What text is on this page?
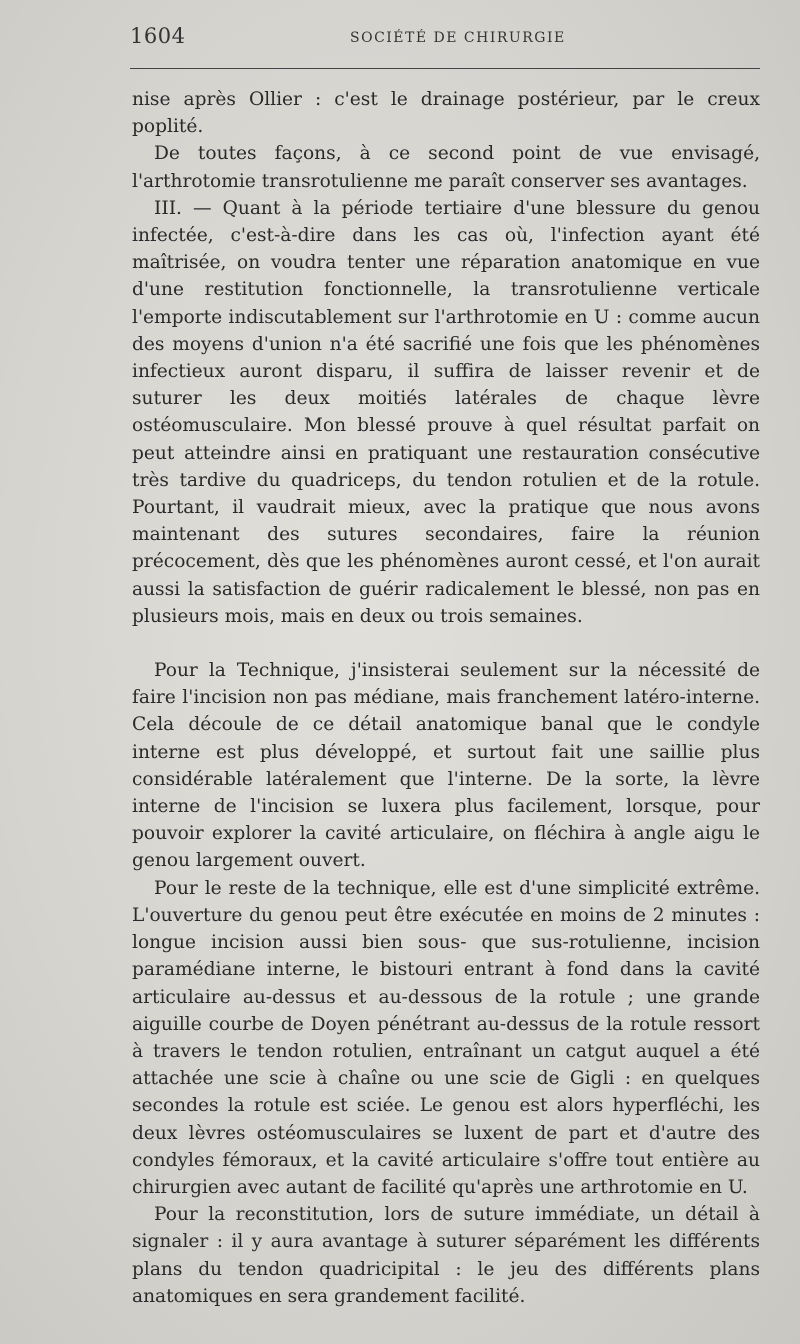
1604	SOCIÉTÉ DE CHIRURGIE

nise après Ollier : c'est le drainage postérieur, par le creux poplité.

De toutes façons, à ce second point de vue envisagé, l'arthrotomie transrotulienne me paraît conserver ses avantages.

III. — Quant à la période tertiaire d'une blessure du genou infectée, c'est-à-dire dans les cas où, l'infection ayant été maîtrisée, on voudra tenter une réparation anatomique en vue d'une restitution fonctionnelle, la transrotulienne verticale l'emporte indiscutablement sur l'arthrotomie en U : comme aucun des moyens d'union n'a été sacrifié une fois que les phénomènes infectieux auront disparu, il suffira de laisser revenir et de suturer les deux moitiés latérales de chaque lèvre ostéomusculaire. Mon blessé prouve à quel résultat parfait on peut atteindre ainsi en pratiquant une restauration consécutive très tardive du quadriceps, du tendon rotulien et de la rotule. Pourtant, il vaudrait mieux, avec la pratique que nous avons maintenant des sutures secondaires, faire la réunion précocement, dès que les phénomènes auront cessé, et l'on aurait aussi la satisfaction de guérir radicalement le blessé, non pas en plusieurs mois, mais en deux ou trois semaines.

Pour la Technique, j'insisterai seulement sur la nécessité de faire l'incision non pas médiane, mais franchement latéro-interne. Cela découle de ce détail anatomique banal que le condyle interne est plus développé, et surtout fait une saillie plus considérable latéralement que l'interne. De la sorte, la lèvre interne de l'incision se luxera plus facilement, lorsque, pour pouvoir explorer la cavité articulaire, on fléchira à angle aigu le genou largement ouvert.

Pour le reste de la technique, elle est d'une simplicité extrême. L'ouverture du genou peut être exécutée en moins de 2 minutes : longue incision aussi bien sous- que sus-rotulienne, incision paramédiane interne, le bistouri entrant à fond dans la cavité articulaire au-dessus et au-dessous de la rotule ; une grande aiguille courbe de Doyen pénétrant au-dessus de la rotule ressort à travers le tendon rotulien, entraînant un catgut auquel a été attachée une scie à chaîne ou une scie de Gigli : en quelques secondes la rotule est sciée. Le genou est alors hyperfléchi, les deux lèvres ostéomusculaires se luxent de part et d'autre des condyles fémoraux, et la cavité articulaire s'offre tout entière au chirurgien avec autant de facilité qu'après une arthrotomie en U.

Pour la reconstitution, lors de suture immédiate, un détail à signaler : il y aura avantage à suturer séparément les différents plans du tendon quadricipital : le jeu des différents plans anatomiques en sera grandement facilité.
